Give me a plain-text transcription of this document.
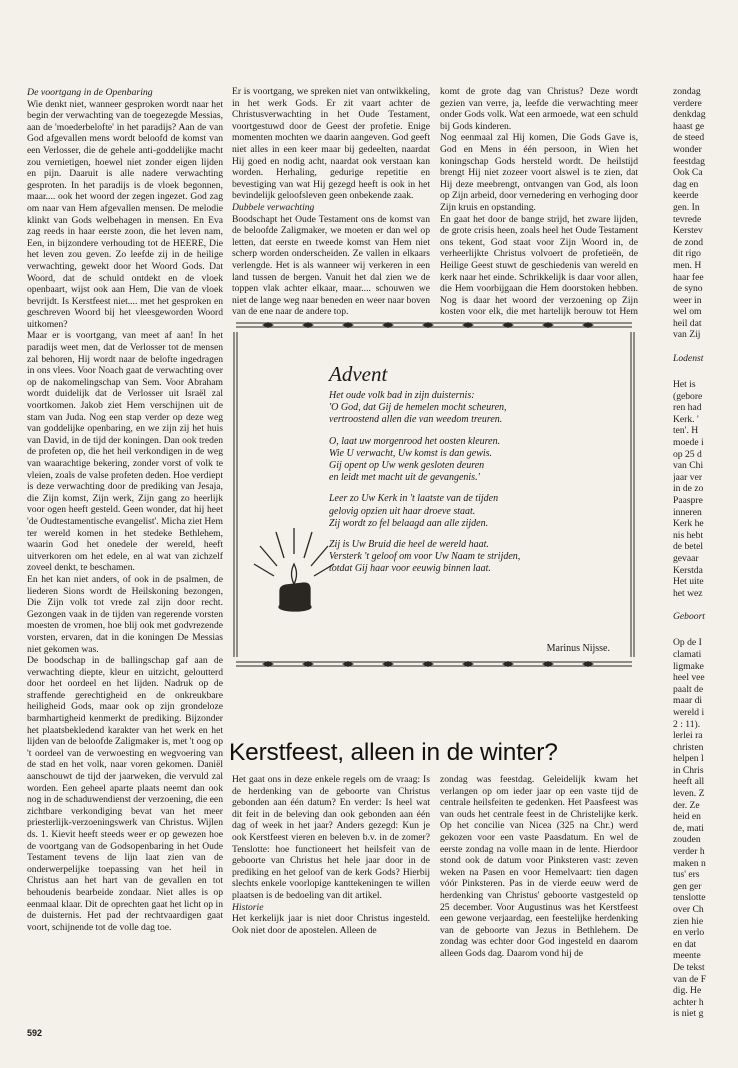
De voortgang in de Openbaring

Wie denkt niet, wanneer gesproken wordt naar het begin der verwachting van de toegezegde Messias, aan de 'moederbelofte' in het paradijs? Aan de van God afgevallen mens wordt beloofd de komst van een Verlosser, die de gehele anti-goddelijke macht zou vernietigen, hoewel niet zonder eigen lijden en pijn. Daaruit is alle nadere verwachting gesproten. In het paradijs is de vloek begonnen, maar.... ook het woord der zegen ingezet. God zag om naar van Hem afgevallen mensen. De melodie klinkt van Gods welbehagen in mensen. En Eva zag reeds in haar eerste zoon, die het leven nam, Een, in bijzondere verhouding tot de HEERE, Die het leven zou geven. Zo leefde zij in de heilige verwachting, gewekt door het Woord Gods. Dat Woord, dat de schuld ontdekt en de vloek openbaart, wijst ook aan Hem, Die van de vloek bevrijdt. Is Kerstfeest niet.... met het gesproken en geschreven Woord bij het vleesgeworden Woord uitkomen?

Maar er is voortgang, van meet af aan! In het paradijs weet men, dat de Verlosser tot de mensen zal behoren, Hij wordt naar de belofte ingedragen in ons vlees. Voor Noach gaat de verwachting over op de nakomelingschap van Sem. Voor Abraham wordt duidelijk dat de Verlosser uit Israël zal voortkomen. Jakob ziet Hem verschijnen uit de stam van Juda. Nog een stap verder op deze weg van goddelijke openbaring, en we zijn zij het huis van David, in de tijd der koningen. Dan ook treden de profeten op, die het heil verkondigen in de weg van waarachtige bekering, zonder vorst of volk te vleien, zoals de valse profeten deden. Hoe verdiept is deze verwachting door de prediking van Jesaja, die Zijn komst, Zijn werk, Zijn gang zo heerlijk voor ogen heeft gesteld. Geen wonder, dat hij heet 'de Oudtestamentische evangelist'. Micha ziet Hem ter wereld komen in het stedeke Bethlehem, waarin God het onedele der wereld, heeft uitverkoren om het edele, en al wat van zichzelf zoveel denkt, te beschamen.

En het kan niet anders, of ook in de psalmen, de liederen Sions wordt de Heilskoning bezongen, Die Zijn volk tot vrede zal zijn door recht. Gezongen vaak in de tijden van regerende vorsten moesten de vromen, hoe blij ook met godvrezende vorsten, ervaren, dat in die koningen De Messias niet gekomen was.

De boodschap in de ballingschap gaf aan de verwachting diepte, kleur en uitzicht, geloutterd door het oordeel en het lijden. Nadruk op de straffende gerechtigheid en de onkreukbare heiligheid Gods, maar ook op zijn grondeloze barmhartigheid kenmerkt de prediking. Bijzonder het plaatsbekledend karakter van het werk en het lijden van de beloofde Zaligmaker is, met 't oog op 't oordeel van de verwoesting en wegvoering van de stad en het volk, naar voren gekomen. Daniël aanschouwt de tijd der jaarweken, die vervuld zal worden. Een geheel aparte plaats neemt dan ook nog in de schaduwendienst der verzoening, die een zichtbare verkondiging bevat van het meer priesterlijk-verzoeningswerk van Christus. Wijlen ds. 1. Kievit heeft steeds weer er op gewezen hoe de voortgang van de Godsopenbaring in het Oude Testament tevens de lijn laat zien van de onderwerpelijke toepassing van het heil in Christus aan het hart van de gevallen en tot behoudenis bearbeide zondaar. Niet alles is op eenmaal klaar. Dit de oprechten gaat het licht op in de duisternis. Het pad der rechtvaardigen gaat voort, schijnende tot de volle dag toe.

Er is voortgang, we spreken niet van ontwikkeling, in het werk Gods. Er zit vaart achter de Christusverwachting in het Oude Testament, voortgestuwd door de Geest der profetie. Enige momenten mochten we daarin aangeven. God geeft niet alles in een keer maar bij gedeelten, naardat Hij goed en nodig acht, naardat ook verstaan kan worden. Herhaling, gedurige repetitie en bevestiging van wat Hij gezegd heeft is ook in het bevindelijk geloofsleven geen onbekende zaak.

Dubbele verwachting

Boodschapt het Oude Testament ons de komst van de beloofde Zaligmaker, we moeten er dan wel op letten, dat eerste en tweede komst van Hem niet scherp worden onderscheiden. Ze vallen in elkaars verlengde. Het is als wanneer wij verkeren in een land tussen de bergen. Vanuit het dal zien we de toppen vlak achter elkaar, maar.... schouwen we niet de lange weg naar beneden en weer naar boven van de ene naar de andere top.

komt de grote dag van Christus? Deze wordt gezien van verre, ja, leefde die verwachting meer onder Gods volk. Wat een armoede, wat een schuld bij Gods kinderen.

Nog eenmaal zal Hij komen, Die Gods Gave is, God en Mens in één persoon, in Wien het koningschap Gods hersteld wordt. De heilstijd brengt Hij niet zozeer voort alswel is te zien, dat Hij deze meebrengt, ontvangen van God, als loon op Zijn arbeid, door vernedering en verhoging door Zijn kruis en opstanding.

En gaat het door de bange strijd, het zware lijden, de grote crisis heen, zoals heel het Oude Testament ons tekent, God staat voor Zijn Woord in, de verheerlijkte Christus volvoert de profetieën, de Heilige Geest stuwt de geschiedenis van wereld en kerk naar het einde. Schrikkelijk is daar voor allen, die Hem voorbijgaan die Hem doorstoken hebben. Nog is daar het woord der verzoening op Zijn kosten voor elk, die met hartelijk berouw tot Hem

Advent
Het oude volk bad in zijn duisternis:
'O God, dat Gij de hemelen mocht scheuren,
vertroostend allen die van weedom treuren.
O, laat uw morgenrood het oosten kleuren.
Wie U verwacht, Uw komst is dan gewis.
Gij opent op Uw wenk gesloten deuren
en leidt met macht uit de gevangenis.'
Leer zo Uw Kerk in 't laatste van de tijden
gelovig opzien uit haar droeve staat.
Zij wordt zo fel belaagd aan alle zijden.
Zij is Uw Bruid die heel de wereld haat.
Versterk 't geloof om voor Uw Naam te strijden,
totdat Gij haar voor eeuwig binnen laat.
Marinus Nijsse.
Kerstfeest, alleen in de winter?

Het gaat ons in deze enkele regels om de vraag: Is de herdenking van de geboorte van Christus gebonden aan één datum? En verder: Is heel wat dit feit in de beleving dan ook gebonden aan één dag of week in het jaar? Anders gezegd: Kun je ook Kerstfeest vieren en beleven b.v. in de zomer? Tenslotte: hoe functioneert het heilsfeit van de geboorte van Christus het hele jaar door in de prediking en het geloof van de kerk Gods? Hierbij slechts enkele voorlopige kanttekeningen te willen plaatsen is de bedoeling van dit artikel.

Historie

Het kerkelijk jaar is niet door Christus ingesteld. Ook niet door de apostelen. Alleen de

zondag was feestdag. Geleidelijk kwam het verlangen op om ieder jaar op een vaste tijd de centrale heilsfeiten te gedenken. Het Paasfeest was van ouds het centrale feest in de Christelijke kerk. Op het concilie van Nicea (325 na Chr.) werd gekozen voor een vaste Paasdatum. En wel de eerste zondag na volle maan in de lente. Hierdoor stond ook de datum voor Pinksteren vast: zeven weken na Pasen en voor Hemelvaart: tien dagen vóór Pinksteren. Pas in de vierde eeuw werd de herdenking van Christus' geboorte vastgesteld op 25 december. Voor Augustinus was het Kerstfeest een gewone verjaardag, een feestelijke herdenking van de geboorte van Jezus in Bethlehem. De zondag was echter door God ingesteld en daarom alleen Gods dag. Daarom vond hij de

zondag
verdere
denkdag
haast ge
de steed
wonder
feestdag
Ook Ca
dag en
keerde
gen. In
tevrede
Kerstev
de zond
dit rigo
men. H
haar fee
de syno
weer in
wel om
heil dat
van Zij
Lodenst
Het is
(gebore
ren had
Kerk. '
ten'. H
moede i
op 25 d
van Chi
jaar ver
in de zo
Paaspre
inneren
Kerk he
nis hebt
de betel
gevaar
Kerstda
Het uite
het wez
Geboort
Op de I
clamati
ligmake
heel vee
paalt de
maar di
wereld i
2 : 11).
lerlei ra
christen
helpen l
in Chris
heeft all
leven. Z
der. Ze
heid en
de, mati
zouden
verder h
maken n
tus' ers
gen ger
tenslotte
over Ch
zien hie
en verlo
en dat
meente
De tekst
van de F
dig. He
achter h
is niet g
592
